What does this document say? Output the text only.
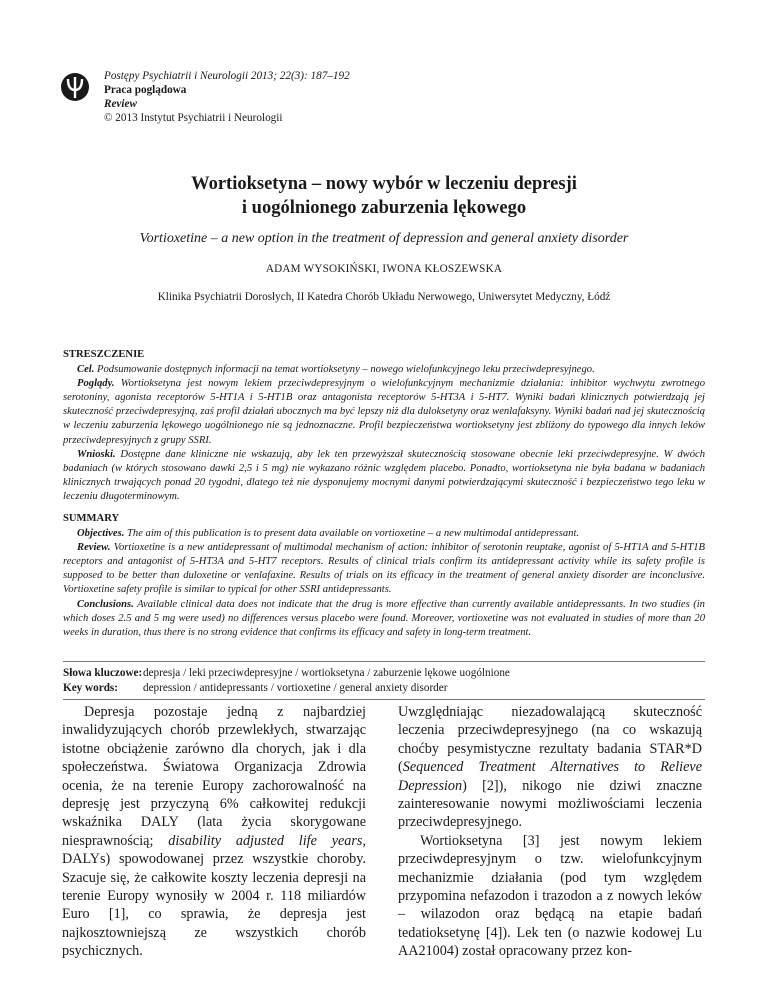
Postępy Psychiatrii i Neurologii 2013; 22(3): 187–192
Praca poglądowa
Review
© 2013 Instytut Psychiatrii i Neurologii
Wortioksetyna – nowy wybór w leczeniu depresji
i uogólnionego zaburzenia lękowego
Vortioxetine – a new option in the treatment of depression and general anxiety disorder
ADAM WYSOKIŃSKI, IWONA KŁOSZEWSKA
Klinika Psychiatrii Dorosłych, II Katedra Chorób Układu Nerwowego, Uniwersytet Medyczny, Łódź
STRESZCZENIE

Cel. Podsumowanie dostępnych informacji na temat wortioksetyny – nowego wielofunkcyjnego leku przeciwdepresyjnego.

Poglądy. Wortioksetyna jest nowym lekiem przeciwdepresyjnym o wielofunkcyjnym mechanizmie działania: inhibitor wychwytu zwrotnego serotoniny, agonista receptorów 5-HT1A i 5-HT1B oraz antagonista receptorów 5-HT3A i 5-HT7. Wyniki badań klinicznych potwierdzają jej skuteczność przeciwdepresyjną, zaś profil działań ubocznych ma być lepszy niż dla duloksetyny oraz wenlafaksyny. Wyniki badań nad jej skutecznością w leczeniu zaburzenia lękowego uogólnionego nie są jednoznaczne. Profil bezpieczeństwa wortioksetyny jest zbliżony do typowego dla innych leków przeciwdepresyjnych z grupy SSRI.

Wnioski. Dostępne dane kliniczne nie wskazują, aby lek ten przewyższał skutecznością stosowane obecnie leki przeciwdepresyjne. W dwóch badaniach (w których stosowano dawki 2,5 i 5 mg) nie wykazano różnic względem placebo. Ponadto, wortioksetyna nie była badana w badaniach klinicznych trwających ponad 20 tygodni, dlatego też nie dysponujemy mocnymi danymi potwierdzającymi skuteczność i bezpieczeństwo tego leku w leczeniu długoterminowym.

SUMMARY

Objectives. The aim of this publication is to present data available on vortioxetine – a new multimodal antidepressant.

Review. Vortioxetine is a new antidepressant of multimodal mechanism of action: inhibitor of serotonin reuptake, agonist of 5-HT1A and 5-HT1B receptors and antagonist of 5-HT3A and 5-HT7 receptors. Results of clinical trials confirm its antidepressant activity while its safety profile is supposed to be better than duloxetine or venlafaxine. Results of trials on its efficacy in the treatment of general anxiety disorder are inconclusive. Vortioxetine safety profile is similar to typical for other SSRI antidepressants.

Conclusions. Available clinical data does not indicate that the drug is more effective than currently available antidepressants. In two studies (in which doses 2.5 and 5 mg were used) no differences versus placebo were found. Moreover, vortioxetine was not evaluated in studies of more than 20 weeks in duration, thus there is no strong evidence that confirms its efficacy and safety in long-term treatment.

Słowa kluczowe:depresja / leki przeciwdepresyjne / wortioksetyna / zaburzenie lękowe uogólnione
Key words: depression / antidepressants / vortioxetine / general anxiety disorder

Depresja pozostaje jedną z najbardziej inwalidyzujących chorób przewlekłych, stwarzając istotne obciążenie zarówno dla chorych, jak i dla społeczeństwa. Światowa Organizacja Zdrowia ocenia, że na terenie Europy zachorowalność na depresję jest przyczyną 6% całkowitej redukcji wskaźnika DALY (lata życia skorygowane niesprawnością; disability adjusted life years, DALYs) spowodowanej przez wszystkie choroby. Szacuje się, że całkowite koszty leczenia depresji na terenie Europy wynosiły w 2004 r. 118 miliardów Euro [1], co sprawia, że depresja jest najkosztowniejszą ze wszystkich chorób psychicznych.

Uwzględniając niezadowalającą skuteczność leczenia przeciwdepresyjnego (na co wskazują choćby pesymistyczne rezultaty badania STAR*D (Sequenced Treatment Alternatives to Relieve Depression) [2]), nikogo nie dziwi znaczne zainteresowanie nowymi możliwościami leczenia przeciwdepresyjnego.

Wortioksetyna [3] jest nowym lekiem przeciwdepresyjnym o tzw. wielofunkcyjnym mechanizmie działania (pod tym względem przypomina nefazodon i trazodon a z nowych leków – wilazodon oraz będącą na etapie badań tedatioksetynę [4]). Lek ten (o nazwie kodowej Lu AA21004) został opracowany przez kon-
